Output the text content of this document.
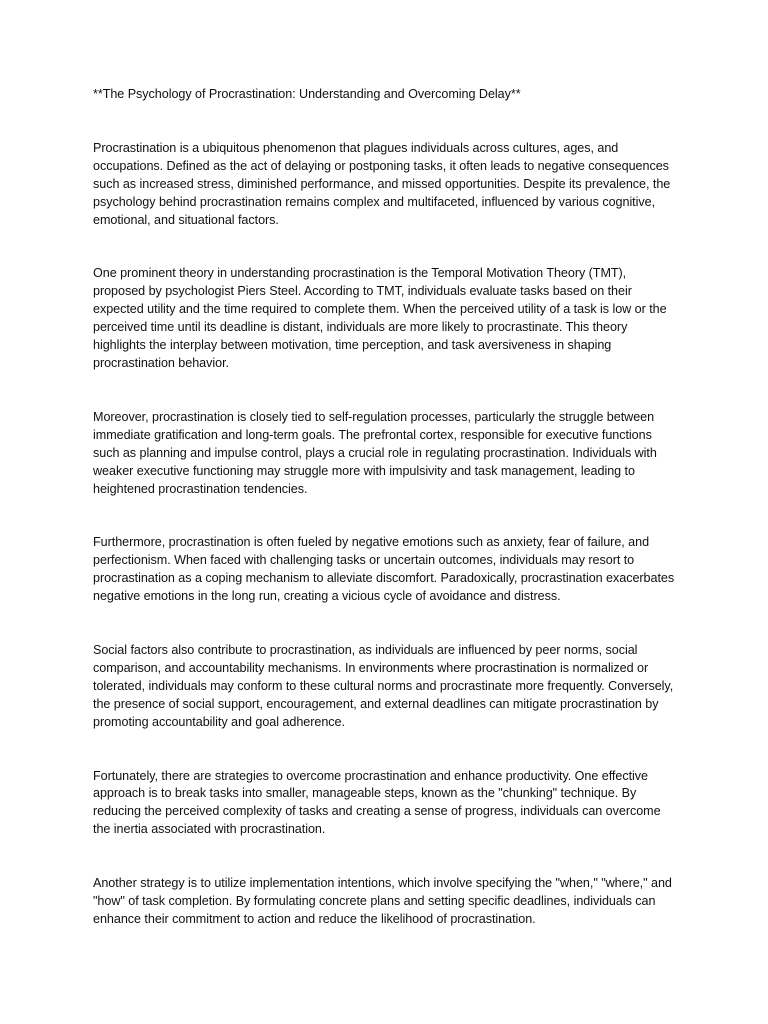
**The Psychology of Procrastination: Understanding and Overcoming Delay**

Procrastination is a ubiquitous phenomenon that plagues individuals across cultures, ages, and occupations. Defined as the act of delaying or postponing tasks, it often leads to negative consequences such as increased stress, diminished performance, and missed opportunities. Despite its prevalence, the psychology behind procrastination remains complex and multifaceted, influenced by various cognitive, emotional, and situational factors.

One prominent theory in understanding procrastination is the Temporal Motivation Theory (TMT), proposed by psychologist Piers Steel. According to TMT, individuals evaluate tasks based on their expected utility and the time required to complete them. When the perceived utility of a task is low or the perceived time until its deadline is distant, individuals are more likely to procrastinate. This theory highlights the interplay between motivation, time perception, and task aversiveness in shaping procrastination behavior.

Moreover, procrastination is closely tied to self-regulation processes, particularly the struggle between immediate gratification and long-term goals. The prefrontal cortex, responsible for executive functions such as planning and impulse control, plays a crucial role in regulating procrastination. Individuals with weaker executive functioning may struggle more with impulsivity and task management, leading to heightened procrastination tendencies.

Furthermore, procrastination is often fueled by negative emotions such as anxiety, fear of failure, and perfectionism. When faced with challenging tasks or uncertain outcomes, individuals may resort to procrastination as a coping mechanism to alleviate discomfort. Paradoxically, procrastination exacerbates negative emotions in the long run, creating a vicious cycle of avoidance and distress.

Social factors also contribute to procrastination, as individuals are influenced by peer norms, social comparison, and accountability mechanisms. In environments where procrastination is normalized or tolerated, individuals may conform to these cultural norms and procrastinate more frequently. Conversely, the presence of social support, encouragement, and external deadlines can mitigate procrastination by promoting accountability and goal adherence.

Fortunately, there are strategies to overcome procrastination and enhance productivity. One effective approach is to break tasks into smaller, manageable steps, known as the "chunking" technique. By reducing the perceived complexity of tasks and creating a sense of progress, individuals can overcome the inertia associated with procrastination.

Another strategy is to utilize implementation intentions, which involve specifying the "when," "where," and "how" of task completion. By formulating concrete plans and setting specific deadlines, individuals can enhance their commitment to action and reduce the likelihood of procrastination.
